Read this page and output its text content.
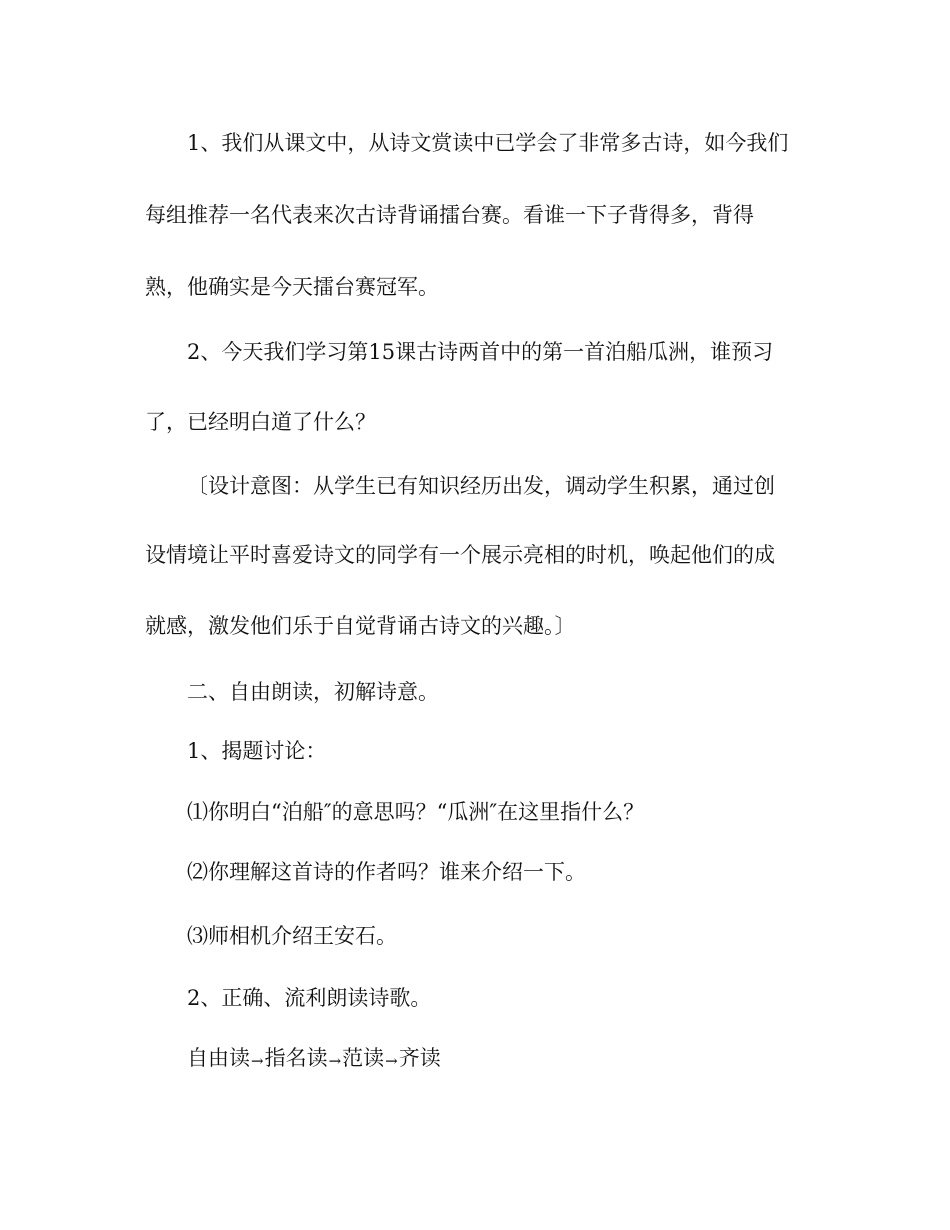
1、我们从课文中，从诗文赏读中已学会了非常多古诗，如今我们
每组推荐一名代表来次古诗背诵擂台赛。看谁一下子背得多，背得
熟，他确实是今天擂台赛冠军。
2、今天我们学习第15课古诗两首中的第一首泊船瓜洲，谁预习
了，已经明白道了什么？
〔设计意图：从学生已有知识经历出发，调动学生积累，通过创
设情境让平时喜爱诗文的同学有一个展示亮相的时机，唤起他们的成
就感，激发他们乐于自觉背诵古诗文的兴趣。〕
二、自由朗读，初解诗意。
1、揭题讨论：
⑴你明白“泊船″的意思吗？“瓜洲″在这里指什么？
⑵你理解这首诗的作者吗？谁来介绍一下。
⑶师相机介绍王安石。
2、正确、流利朗读诗歌。
自由读→指名读→范读→齐读
